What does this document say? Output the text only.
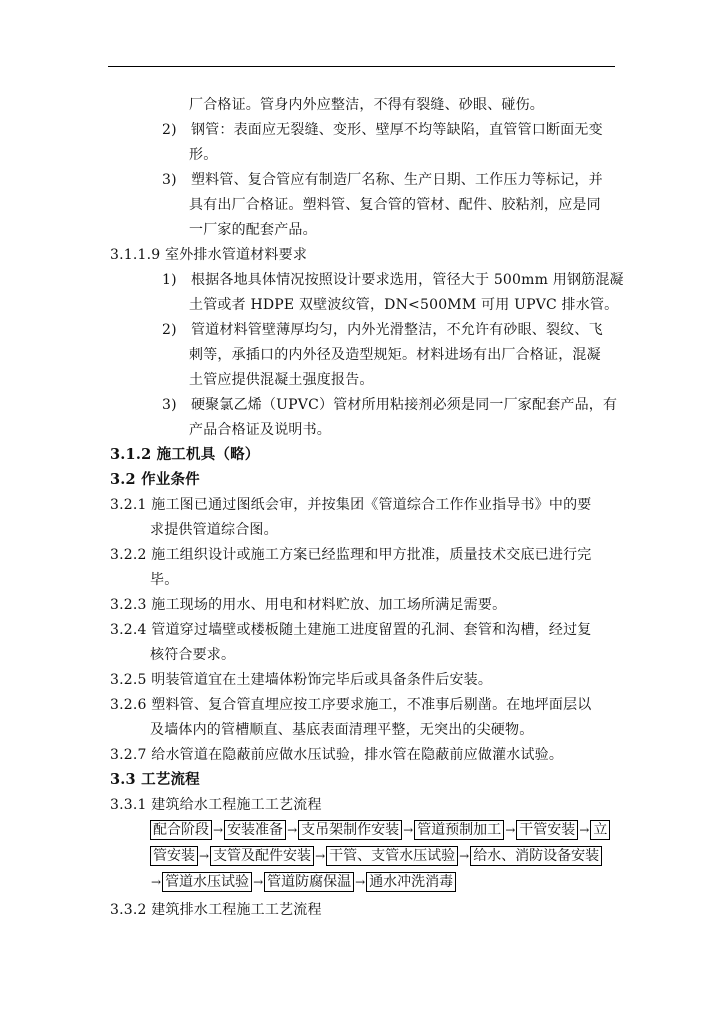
厂合格证。管身内外应整洁，不得有裂缝、砂眼、碰伤。
2)　钢管：表面应无裂缝、变形、壁厚不均等缺陷，直管管口断面无变
形。
3)　塑料管、复合管应有制造厂名称、生产日期、工作压力等标记，并
具有出厂合格证。塑料管、复合管的管材、配件、胶粘剂，应是同
一厂家的配套产品。
3.1.1.9 室外排水管道材料要求
1)　根据各地具体情况按照设计要求选用，管径大于 500mm 用钢筋混凝
土管或者 HDPE 双壁波纹管，DN<500MM 可用 UPVC 排水管。
2)　管道材料管壁薄厚均匀，内外光滑整洁，不允许有砂眼、裂纹、飞
刺等，承插口的内外径及造型规矩。材料进场有出厂合格证，混凝
土管应提供混凝土强度报告。
3)　硬聚氯乙烯（UPVC）管材所用粘接剂必须是同一厂家配套产品，有
产品合格证及说明书。
3.1.2 施工机具（略）
3.2 作业条件
3.2.1 施工图已通过图纸会审，并按集团《管道综合工作作业指导书》中的要
求提供管道综合图。
3.2.2 施工组织设计或施工方案已经监理和甲方批准，质量技术交底已进行完
毕。
3.2.3 施工现场的用水、用电和材料贮放、加工场所满足需要。
3.2.4 管道穿过墙壁或楼板随土建施工进度留置的孔洞、套管和沟槽，经过复
核符合要求。
3.2.5 明装管道宜在土建墙体粉饰完毕后或具备条件后安装。
3.2.6 塑料管、复合管直埋应按工序要求施工，不准事后剔凿。在地坪面层以
及墙体内的管槽顺直、基底表面清理平整，无突出的尖硬物。
3.2.7 给水管道在隐蔽前应做水压试验，排水管在隐蔽前应做灌水试验。
3.3 工艺流程
3.3.1 建筑给水工程施工工艺流程
配合阶段 → 安装准备 → 支吊架制作安装 → 管道预制加工 → 干管安装 → 立
管安装 → 支管及配件安装 → 干管、支管水压试验 → 给水、消防设备安装
→ 管道水压试验 → 管道防腐保温 → 通水冲洗消毒
3.3.2 建筑排水工程施工工艺流程
